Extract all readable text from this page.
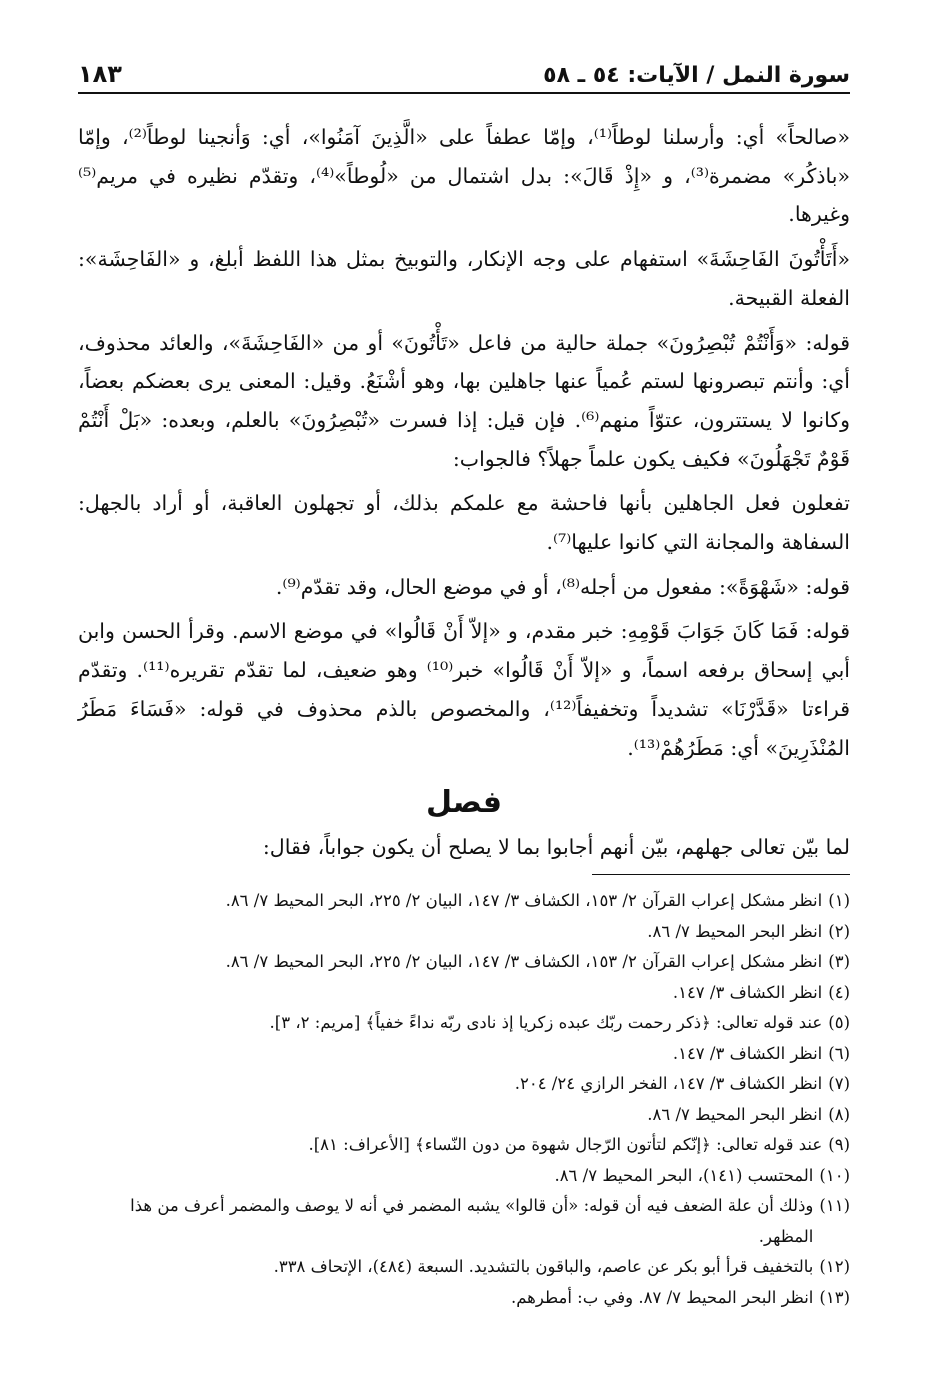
سورة النمل / الآيات: ٥٤ ـ ٥٨
١٨٣

«صالحاً» أي: وأرسلنا لوطاً⁽¹⁾، وإمّا عطفاً على «الَّذِينَ آمَنُوا»، أي: وَأنجينا لوطاً⁽²⁾، وإمّا «باذكُر» مضمرة⁽³⁾، و «إِذْ قَالَ»: بدل اشتمال من «لُوطاً»⁽⁴⁾، وتقدّم نظيره في مريم⁽⁵⁾ وغيرها.

«أَتَأْتُونَ الفَاحِشَةَ» استفهام على وجه الإنكار، والتوبيخ بمثل هذا اللفظ أبلغ، و «الفَاحِشَة»: الفعلة القبيحة.

قوله: «وَأَنْتُمْ تُبْصِرُونَ» جملة حالية من فاعل «تَأْتُونَ» أو من «الفَاحِشَةَ»، والعائد محذوف، أي: وأنتم تبصرونها لستم عُمياً عنها جاهلين بها، وهو أشْنَعُ. وقيل: المعنى يرى بعضكم بعضاً، وكانوا لا يستترون، عتوّاً منهم⁽⁶⁾. فإن قيل: إذا فسرت «تُبْصِرُونَ» بالعلم، وبعده: «بَلْ أَنْتُمْ قَوْمٌ تَجْهَلُونَ» فكيف يكون علماً جهلاً؟ فالجواب:

تفعلون فعل الجاهلين بأنها فاحشة مع علمكم بذلك، أو تجهلون العاقبة، أو أراد بالجهل: السفاهة والمجانة التي كانوا عليها⁽⁷⁾.

قوله: «شَهْوَةً»: مفعول من أجله⁽⁸⁾، أو في موضع الحال، وقد تقدّم⁽⁹⁾.

قوله: فَمَا كَانَ جَوَابَ قَوْمِهِ: خبر مقدم، و «إلاّ أَنْ قَالُوا» في موضع الاسم. وقرأ الحسن وابن أبي إسحاق برفعه اسماً، و «إلاّ أَنْ قَالُوا» خبر⁽¹⁰⁾ وهو ضعيف، لما تقدّم تقريره⁽¹¹⁾. وتقدّم قراءتا «قَدَّرْنَا» تشديداً وتخفيفاً⁽¹²⁾، والمخصوص بالذم محذوف في قوله: «فَسَاءَ مَطَرُ المُنْذَرِينَ» أي: مَطَرُهُمْ⁽¹³⁾.

فصل

لما بيّن تعالى جهلهم، بيّن أنهم أجابوا بما لا يصلح أن يكون جواباً، فقال:

(١)
انظر مشكل إعراب القرآن ٢/ ١٥٣، الكشاف ٣/ ١٤٧، البيان ٢/ ٢٢٥، البحر المحيط ٧/ ٨٦.
(٢)
انظر البحر المحيط ٧/ ٨٦.
(٣)
انظر مشكل إعراب القرآن ٢/ ١٥٣، الكشاف ٣/ ١٤٧، البيان ٢/ ٢٢٥، البحر المحيط ٧/ ٨٦.
(٤)
انظر الكشاف ٣/ ١٤٧.
(٥)
عند قوله تعالى: ﴿ذكر رحمت ربّك عبده زكريا إذ نادى ربّه نداءً خفياً﴾ [مريم: ٢، ٣].
(٦)
انظر الكشاف ٣/ ١٤٧.
(٧)
انظر الكشاف ٣/ ١٤٧، الفخر الرازي ٢٤/ ٢٠٤.
(٨)
انظر البحر المحيط ٧/ ٨٦.
(٩)
عند قوله تعالى: ﴿إنّكم لتأتون الرّجال شهوة من دون النّساء﴾ [الأعراف: ٨١].
(١٠)
المحتسب (١٤١)، البحر المحيط ٧/ ٨٦.
(١١)
وذلك أن علة الضعف فيه أن قوله: «أن قالوا» يشبه المضمر في أنه لا يوصف والمضمر أعرف من هذا المظهر.
(١٢)
بالتخفيف قرأ أبو بكر عن عاصم، والباقون بالتشديد. السبعة (٤٨٤)، الإتحاف ٣٣٨.
(١٣)
انظر البحر المحيط ٧/ ٨٧. وفي ب: أمطرهم.
